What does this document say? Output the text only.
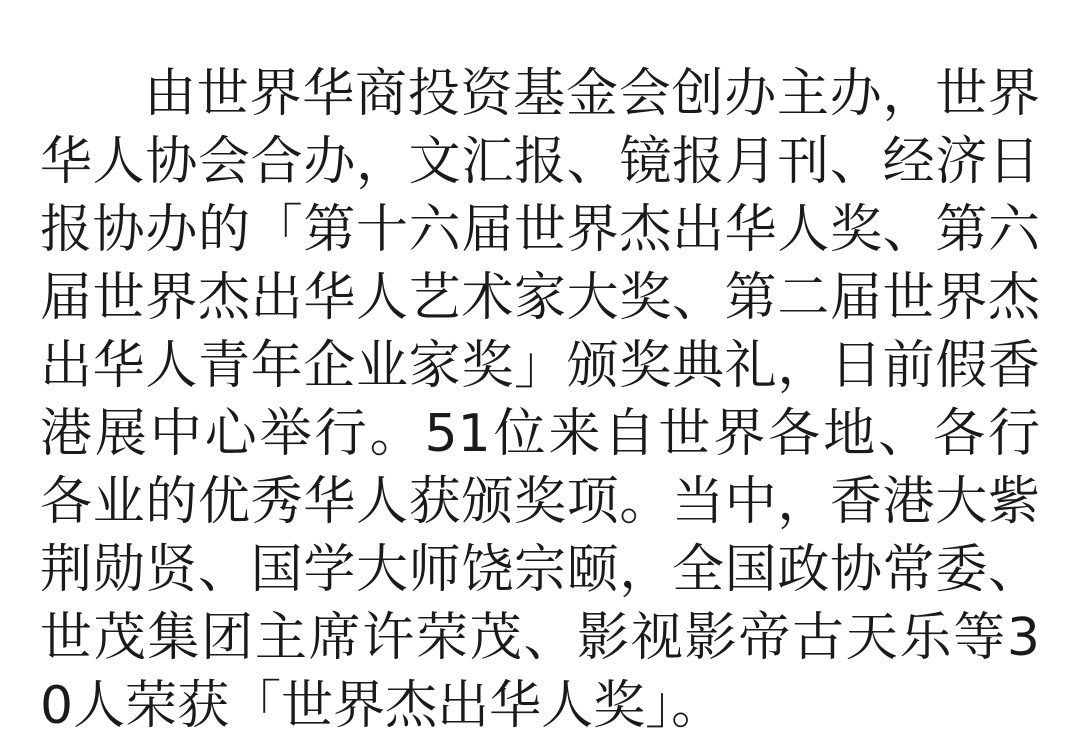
由世界华商投资基金会创办主办，世界华人协会合办，文汇报、镜报月刊、经济日报协办的「第十六届世界杰出华人奖、第六届世界杰出华人艺术家大奖、第二届世界杰出华人青年企业家奖」颁奖典礼，日前假香港展中心举行。51位来自世界各地、各行各业的优秀华人获颁奖项。当中，香港大紫荆勋贤、国学大师饶宗颐，全国政协常委、世茂集团主席许荣茂、影视影帝古天乐等30人荣获「世界杰出华人奖」。
